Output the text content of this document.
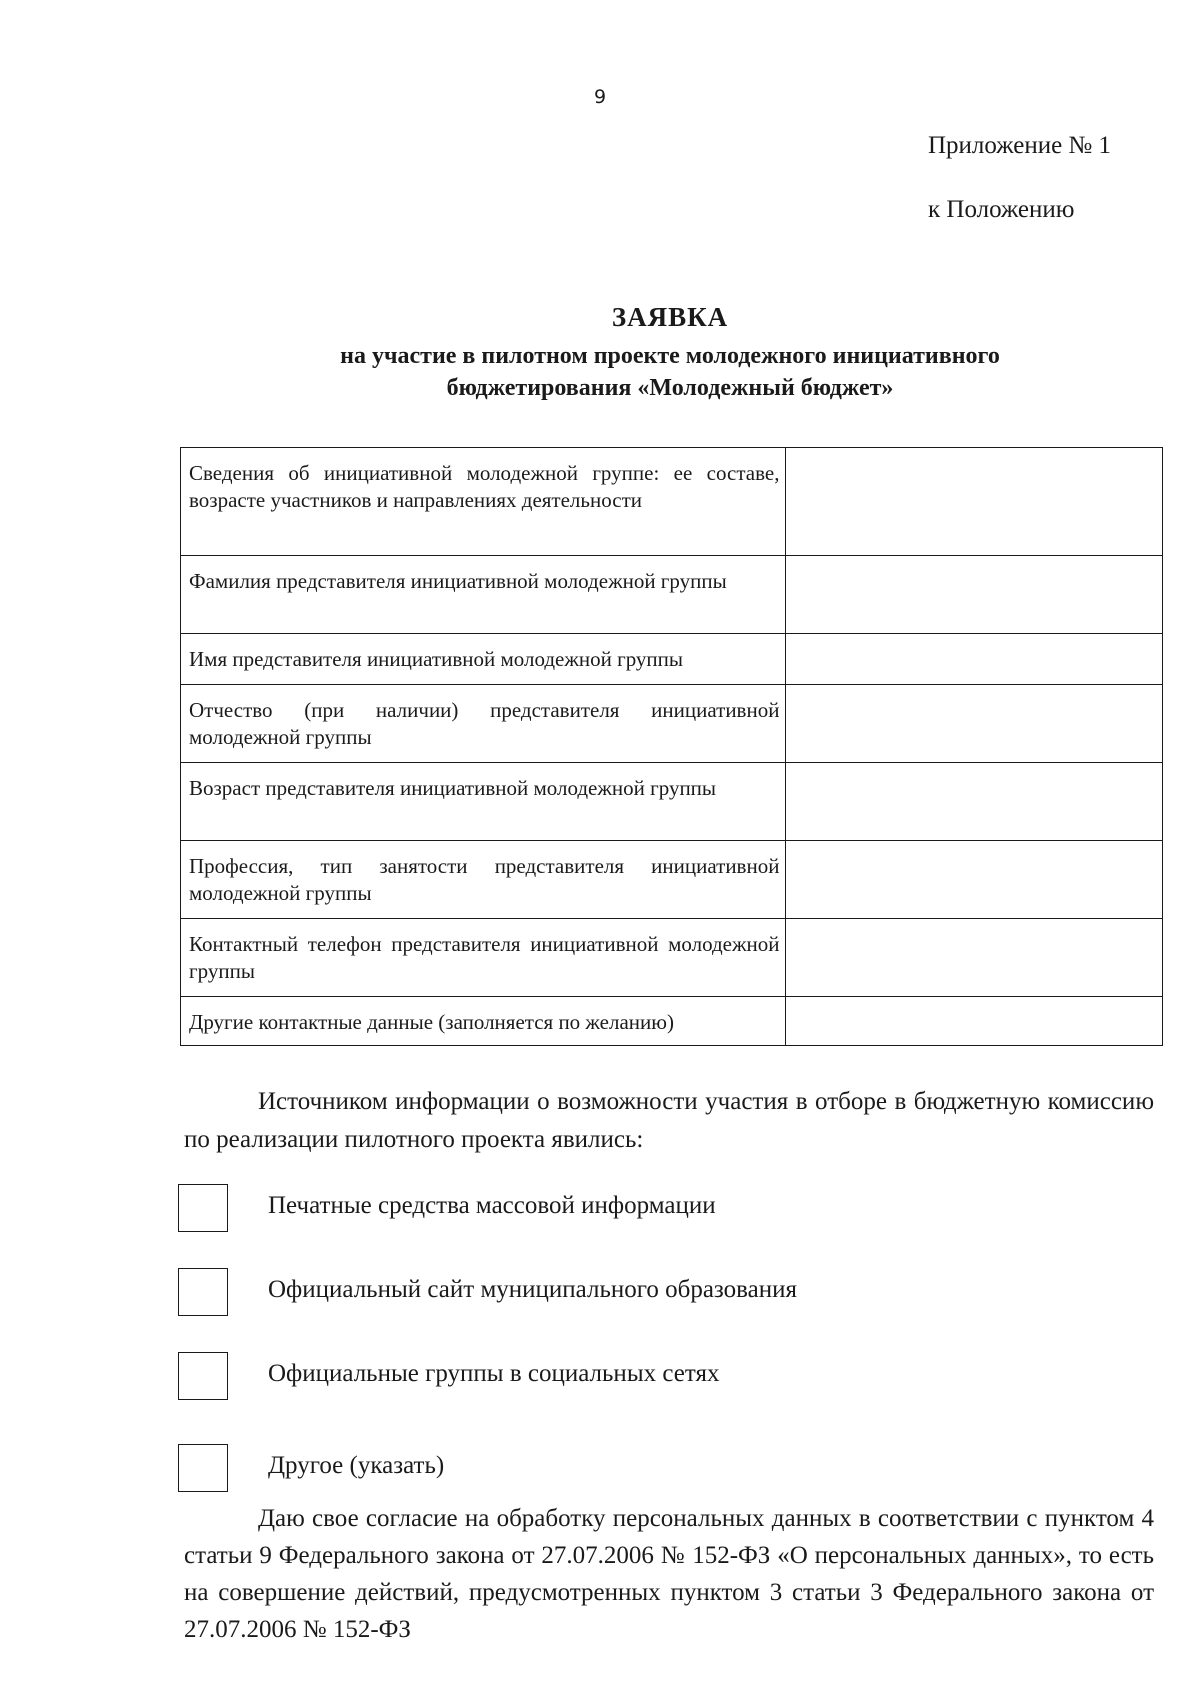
9
Приложение № 1
к Положению
ЗАЯВКА
на участие в пилотном проекте молодежного инициативного
бюджетирования «Молодежный бюджет»
Сведения об инициативной молодежной группе: ее составе, возрасте участников и направлениях деятельности	
Фамилия представителя инициативной молодежной группы	
Имя представителя инициативной молодежной группы	
Отчество (при наличии) представителя инициативной молодежной группы	
Возраст представителя инициативной молодежной группы	
Профессия, тип занятости представителя инициативной молодежной группы	
Контактный телефон представителя инициативной молодежной группы	
Другие контактные данные (заполняется по желанию)	
Источником информации о возможности участия в отборе в бюджетную комиссию по реализации пилотного проекта явились:
Печатные средства массовой информации
Официальный сайт муниципального образования
Официальные группы в социальных сетях
Другое (указать)
Даю свое согласие на обработку персональных данных в соответствии с пунктом 4 статьи 9 Федерального закона от 27.07.2006 № 152-ФЗ «О персональных данных», то есть на совершение действий, предусмотренных пунктом 3 статьи 3 Федерального закона от 27.07.2006 № 152-ФЗ
